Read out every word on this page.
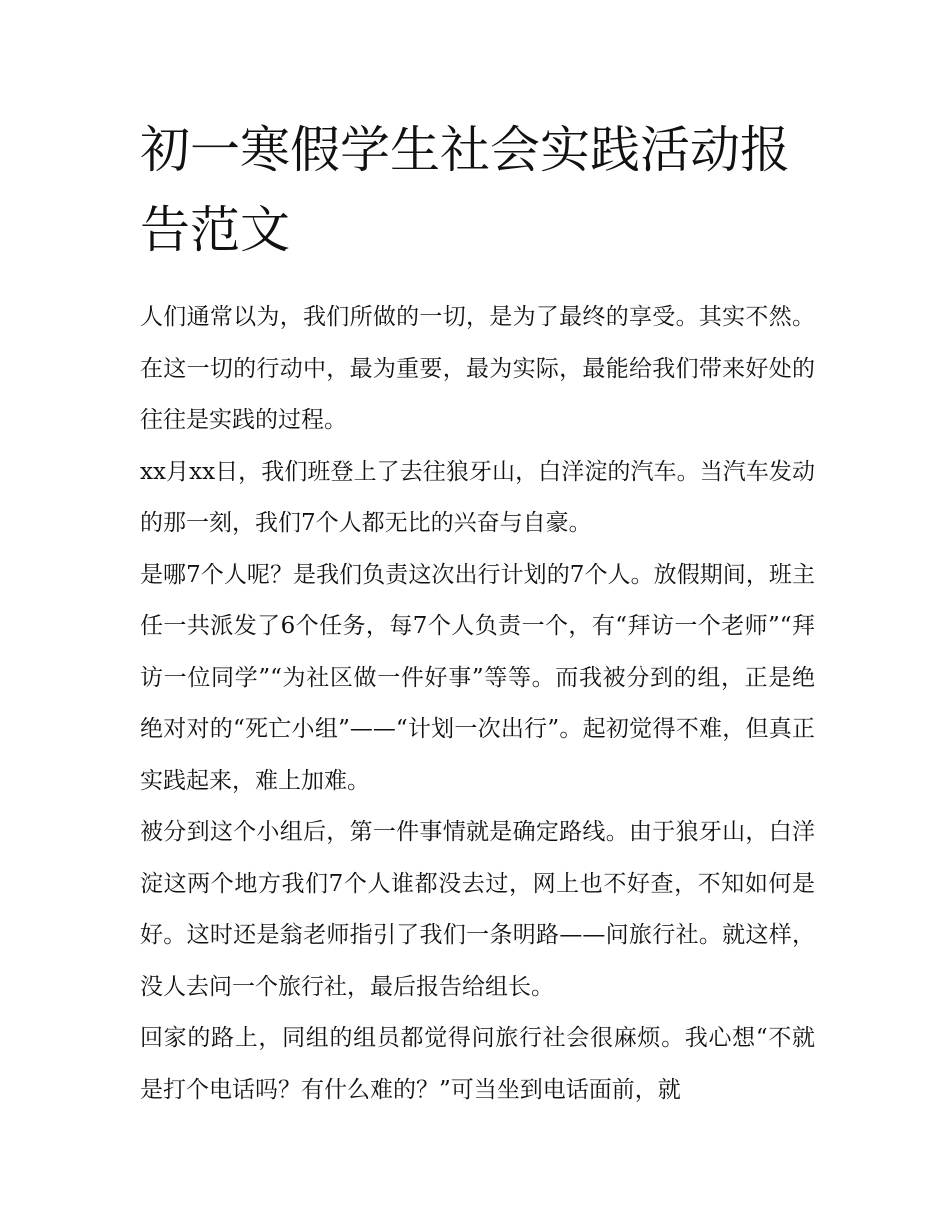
初一寒假学生社会实践活动报告范文

人们通常以为，我们所做的一切，是为了最终的享受。其实不然。在这一切的行动中，最为重要，最为实际，最能给我们带来好处的往往是实践的过程。

xx月xx日，我们班登上了去往狼牙山，白洋淀的汽车。当汽车发动的那一刻，我们7个人都无比的兴奋与自豪。

是哪7个人呢？是我们负责这次出行计划的7个人。放假期间，班主任一共派发了6个任务，每7个人负责一个，有“拜访一个老师”“拜访一位同学”“为社区做一件好事”等等。而我被分到的组，正是绝绝对对的“死亡小组”——“计划一次出行”。起初觉得不难，但真正实践起来，难上加难。

被分到这个小组后，第一件事情就是确定路线。由于狼牙山，白洋淀这两个地方我们7个人谁都没去过，网上也不好查，不知如何是好。这时还是翁老师指引了我们一条明路——问旅行社。就这样，没人去问一个旅行社，最后报告给组长。

回家的路上，同组的组员都觉得问旅行社会很麻烦。我心想“不就是打个电话吗？有什么难的？”可当坐到电话面前，就
